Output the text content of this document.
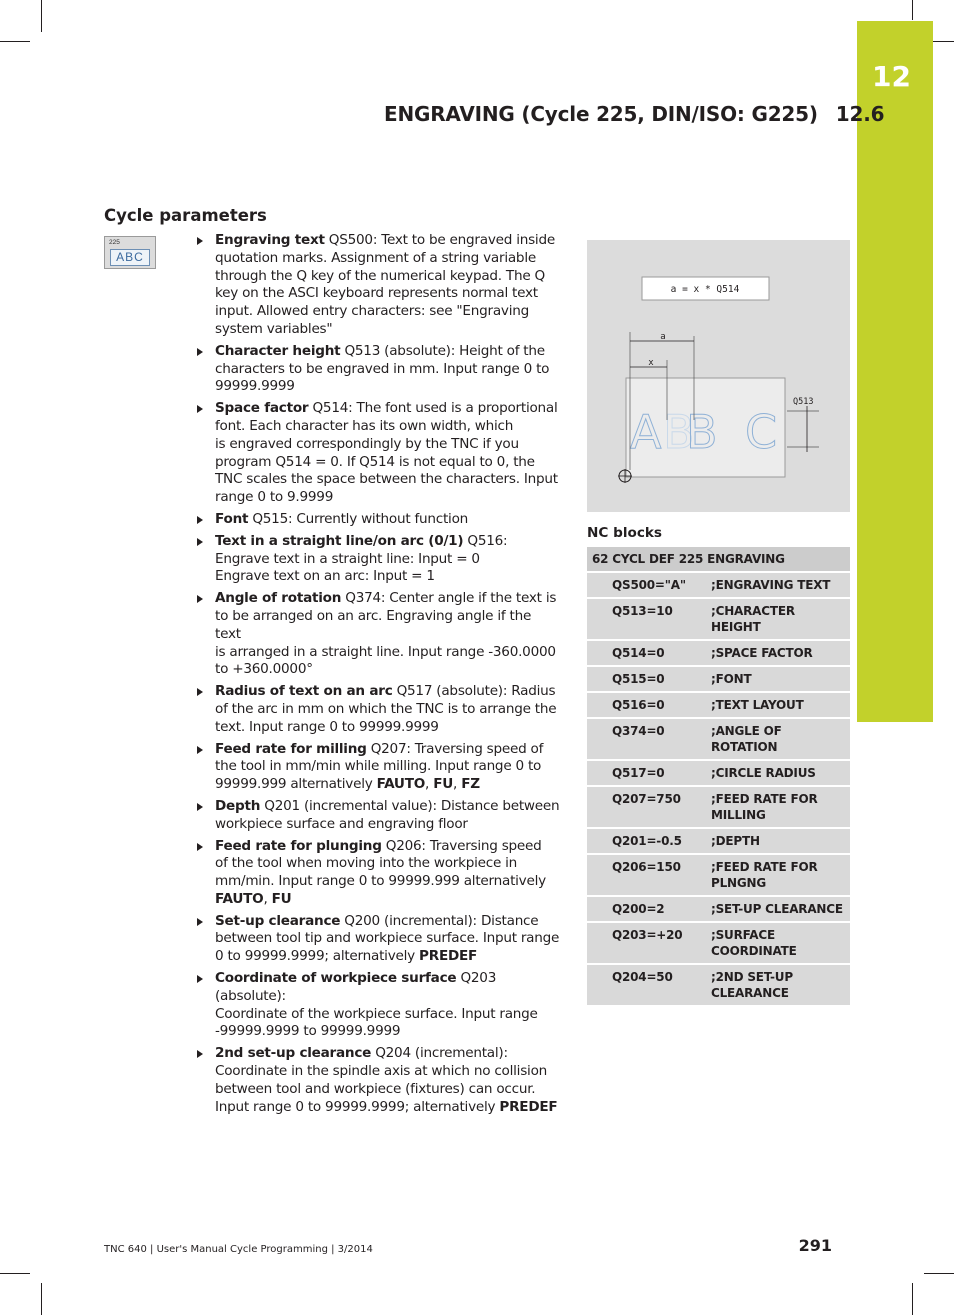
12
ENGRAVING (Cycle 225, DIN/ISO: G225) 12.6
Cycle parameters
225
ABC
Engraving text QS500: Text to be engraved inside
quotation marks. Assignment of a string variable
through the Q key of the numerical keypad. The Q
key on the ASCI keyboard represents normal text
input. Allowed entry characters: see "Engraving
system variables"
Character height Q513 (absolute): Height of the
characters to be engraved in mm. Input range 0 to
99999.9999
Space factor Q514: The font used is a proportional
font. Each character has its own width, which
is engraved correspondingly by the TNC if you
program Q514 = 0. If Q514 is not equal to 0, the
TNC scales the space between the characters. Input
range 0 to 9.9999
Font Q515: Currently without function
Text in a straight line/on arc (0/1) Q516:
Engrave text in a straight line: Input = 0
Engrave text on an arc: Input = 1
Angle of rotation Q374: Center angle if the text is
to be arranged on an arc. Engraving angle if the text
is arranged in a straight line. Input range -360.0000
to +360.0000°
Radius of text on an arc Q517 (absolute): Radius
of the arc in mm on which the TNC is to arrange the
text. Input range 0 to 99999.9999
Feed rate for milling Q207: Traversing speed of
the tool in mm/min while milling. Input range 0 to
99999.999 alternatively FAUTO, FU, FZ
Depth Q201 (incremental value): Distance between
workpiece surface and engraving floor
Feed rate for plunging Q206: Traversing speed
of the tool when moving into the workpiece in
mm/min. Input range 0 to 99999.999 alternatively
FAUTO, FU
Set-up clearance Q200 (incremental): Distance
between tool tip and workpiece surface. Input range
0 to 99999.9999; alternatively PREDEF
Coordinate of workpiece surface Q203 (absolute):
Coordinate of the workpiece surface. Input range
-99999.9999 to 99999.9999
2nd set-up clearance Q204 (incremental):
Coordinate in the spindle axis at which no collision
between tool and workpiece (fixtures) can occur.
Input range 0 to 99999.9999; alternatively PREDEF
a = x * Q514
A B
B C
a
x
Q513
NC blocks
62 CYCL DEF 225 ENGRAVING	
QS500="A"	;ENGRAVING TEXT
Q513=10	;CHARACTER HEIGHT
Q514=0	;SPACE FACTOR
Q515=0	;FONT
Q516=0	;TEXT LAYOUT
Q374=0	;ANGLE OF ROTATION
Q517=0	;CIRCLE RADIUS
Q207=750	;FEED RATE FOR MILLING
Q201=-0.5	;DEPTH
Q206=150	;FEED RATE FOR PLNGNG
Q200=2	;SET-UP CLEARANCE
Q203=+20	;SURFACE COORDINATE
Q204=50	;2ND SET-UP CLEARANCE
TNC 640 | User's Manual Cycle Programming | 3/2014	291
